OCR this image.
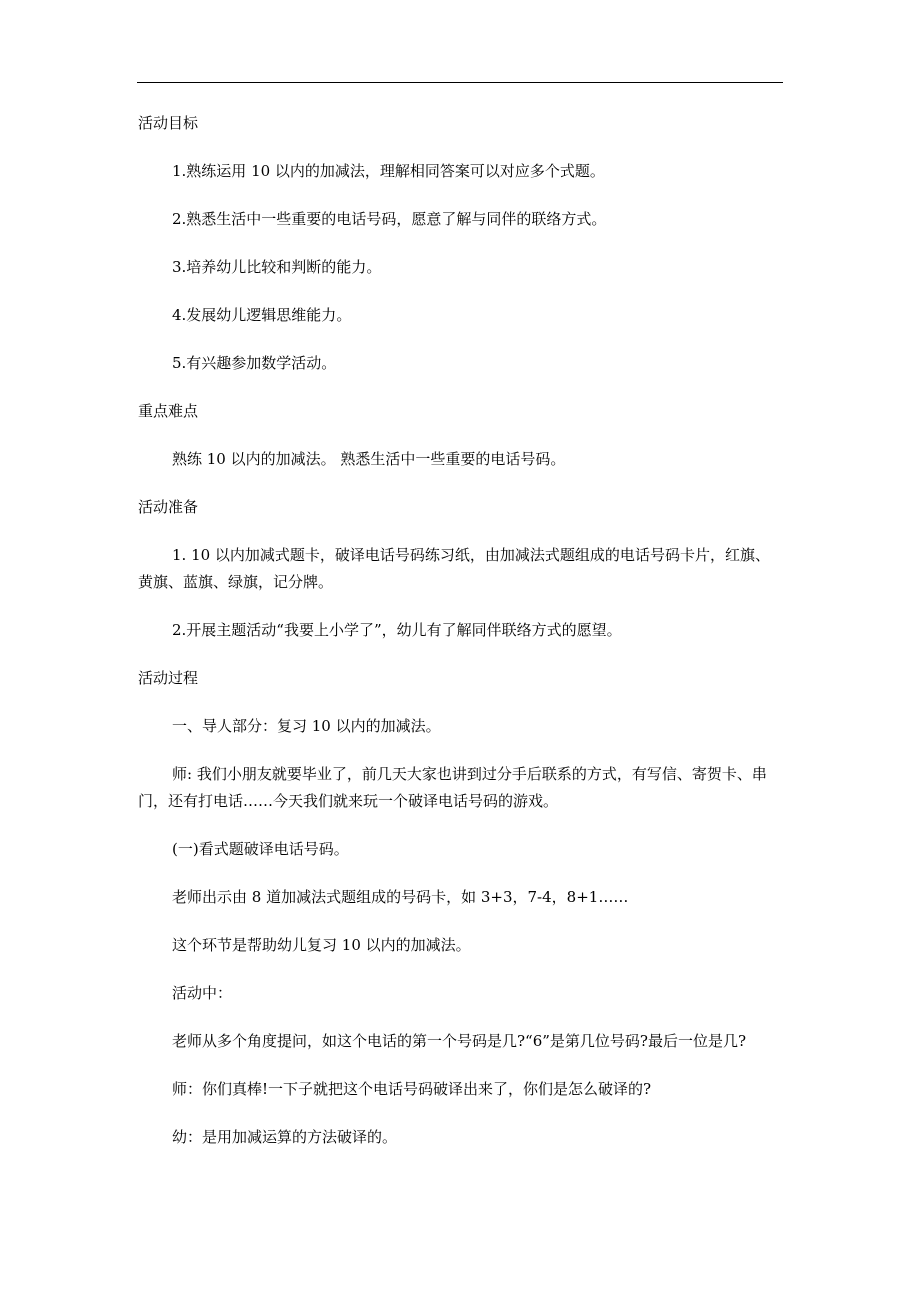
活动目标

1.熟练运用 10 以内的加减法，理解相同答案可以对应多个式题。

2.熟悉生活中一些重要的电话号码，愿意了解与同伴的联络方式。

3.培养幼儿比较和判断的能力。

4.发展幼儿逻辑思维能力。

5.有兴趣参加数学活动。

重点难点

熟练 10 以内的加减法。 熟悉生活中一些重要的电话号码。

活动准备

1. 10 以内加减式题卡，破译电话号码练习纸，由加减法式题组成的电话号码卡片，红旗、黄旗、蓝旗、绿旗，记分牌。

2.开展主题活动“我要上小学了”，幼儿有了解同伴联络方式的愿望。

活动过程

一、导人部分：复习 10 以内的加减法。

师: 我们小朋友就要毕业了，前几天大家也讲到过分手后联系的方式，有写信、寄贺卡、串门，还有打电话……今天我们就来玩一个破译电话号码的游戏。

(一)看式题破译电话号码。

老师出示由 8 道加减法式题组成的号码卡，如 3+3，7-4，8+1……

这个环节是帮助幼儿复习 10 以内的加减法。

活动中：

老师从多个角度提问，如这个电话的第一个号码是几?“6”是第几位号码?最后一位是几?

师：你们真棒!一下子就把这个电话号码破译出来了，你们是怎么破译的?

幼：是用加减运算的方法破译的。
